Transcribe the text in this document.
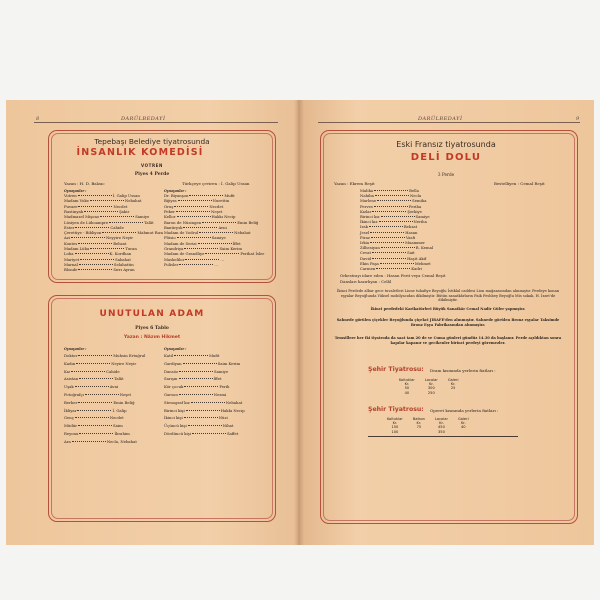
8	DARÜLBEDAYİ
Tepebaşı Belediye tiyatrosunda
İNSANLIK KOMEDİSİ
VOTREN
Piyes 4 Perde
Yazan : H. D. Balzac	Türkçeye çeviren : İ. Galip Ussan
Oynayanlar :	Oynayanlar :
Votren	İ. Galip Ussan
Madam Voke	Nebahat
Puvare	Necdet
Rastinyak	Şakir
Madmazel Mişono	Samiye
Lüsiyen de Lüboampre	Talât
Ester	Cahide
Çerettiye - Bibliyon	Mahmut Rıza
Azi	Neyyire Neyir
Kontes	Behzat
Madam Lüba	Turan
Loba	K. Kordhan
Mariyet	Sabahat
Marnal	Selahattin
Blonde	Sırrı Ayran
Dr. Biyanşon	Mufit
Bijiyra	Nurettin
Oruş	Necdet
Peker	Neşet
Kellor	Hakkı Necip
Baron de Nüsingen	Emin Beliğ
Bantirysk	Avni
Madam de Vodrul	Nebahat
Plüsio	Samiye
Madam de Serizi	İffet
Grandriya	Saim Kerim
Madam de Grandliye	Ferihat İsler
Maskelilor	...
Polisler	...
UNUTULAN ADAM
Piyes 6 Tablo
Yazan : Nâzım Hikmet
Oynayanlar :	Oynayanlar :
Doktor	Muhsin Ertuğrul
Kadın	Neyire Neyir
Kız	Cahide
Asistan	Talât
Uşak	Avni
Fotoğrafçı	Neşet
Berber	Emin Beliğ
İkliyar	İ. Galip
Genç	Necdet
Müdür	Saim
Reyonu	İbrahim
Ara	Necla, Nebahat
Katil	Mufit
Gardiyan	Saim Kerim
Dansöz	Samiye
Sarışın	İffet
Kör çocuk	Ferih
Garson	Nezmi
Stenograf kız	Nebahat
Birinci kişi	Hakkı Necip
İkinci kişi	Nüzi
Üçüncü kişi	Nihat
Dördüncü kişi	Saffet
DARÜLBEDAYİ	9
Eski Fransız tiyatrosunda
DELİ DOLU
3 Perde
Yazan : Ekrem Reşit	Bestelliyen : Cemal Reşit
Malika	Bella
Nahiba	Necla
Marlene	Semiha
Perves	Feriha
Kızlar	Şerkiye
Birinci kız	Samiye
İkinci kız	Neriha
Irak	Behzat
Jesel	Hasan
Piraz	Vasfi
Irkia	Muammer
Zilhesiyan	R. Kemal
Cevat	Sait
David	Haşit Akif
Ekin Paşa	Mehmet
Carmen	Kadri
Orkestrayı idare eden : Hasan Ferit veya Cemal Reşit
Dansları hazırlıyan : Celâl
İkinci Perdede albar gece tuvaletleri Lione tuhafiye Beyoğlu İstiklal caddesi Lion mağazasından alınmıştır. Perdeye konan eşyalar Beyoğlunda Yüksel mobilyacıdan dikilmiştir. Bütün sanatkârların Faik Feshbey Beyoğlu Mis sokak, H. İzzet'de dikilmiştir.
İkinci perdedeki Karikatürleri Büyük Sanatkâr Cemal Nadir Güler yapmıştır.
Sahnede görülen çiçekler Beyoğlunda çiçekci JIRAFE'den alınmıştır. Sahnede görülen Bronz eşyalar Taksimde Bronz Eşya Fabrikasından alınmıştır.
Temsillere her iki tiyatroda da saat tam 20 de ve Cuma günleri gündüz 14.30 da başlanır. Perde açıldıktan sonra kapılar kapanır ve gecikenler birinci perdeyi göremezler.
Şehir Tiyatrosu: Dram kısmında yerlerin fiatları :
Koltuklar	Locolar	Galeri
Kr.	Kr.	Kr.
50	300	25
40	250	
Şehir Tiyatrosu: Operet kısmında yerlerin fiatları :
Koltuklar	Balkon	Locolar	Galeri
Kr.	Kr.	Kr.	Kr.
150	75	450	40
100		350	
